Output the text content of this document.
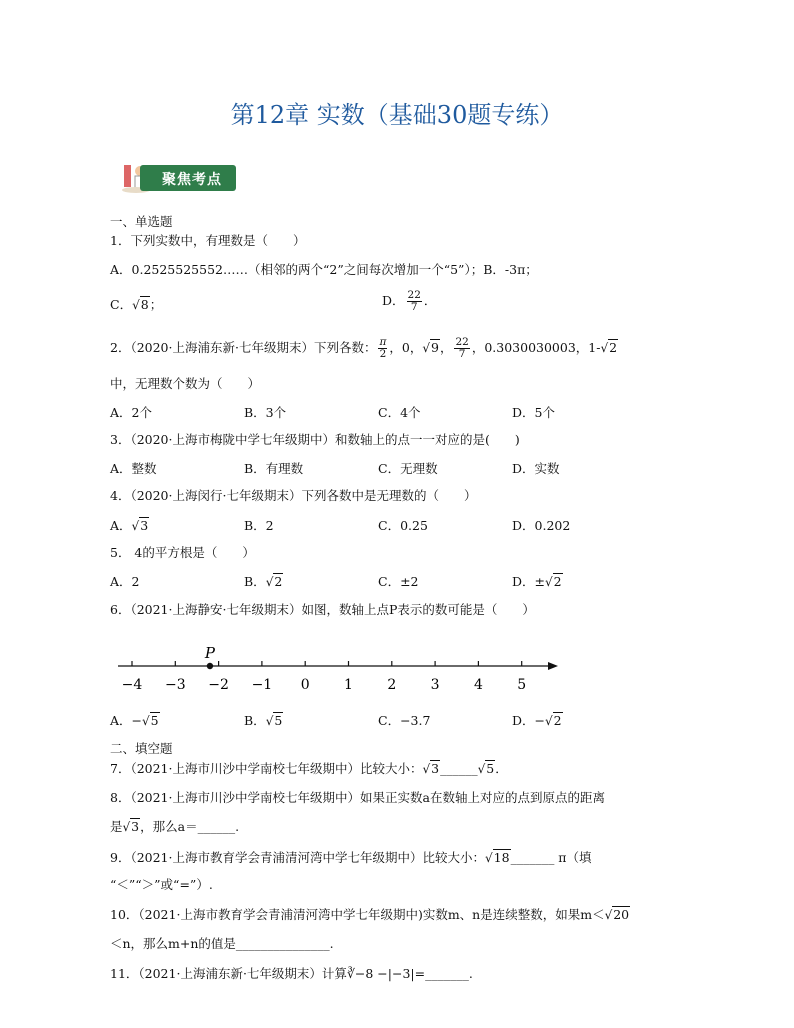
第12章 实数（基础30题专练）
聚焦考点
一、单选题
1．下列实数中，有理数是（　　）
A．0.2525525552……（相邻的两个“2”之间每次增加一个“5”）；B．-3π；
C．√8；	D． $\frac{22}{7}$ ．
2．（2020·上海浦东新·七年级期末）下列各数： $\frac{\pi}{2}$ ，0，√9， $\frac{22}{7}$ ，0.3030030003，1-√2
中，无理数个数为（　　）
A．2个	B．3个	C．4个	D．5个
3．（2020·上海市梅陇中学七年级期中）和数轴上的点一一对应的是(　　)
A．整数	B．有理数	C．无理数	D．实数
4．（2020·上海闵行·七年级期末）下列各数中是无理数的（　　）
A．√3	B．2	C．0.25	D．0.202
5． 4的平方根是（　　）
A．2	B．√2	C．±2	D．±√2
6．（2021·上海静安·七年级期末）如图，数轴上点P表示的数可能是（　　）
−4 −3 −2 −1 0 1 2 3 4 5
P
A．−√5	B．√5	C．−3.7	D．−√2
二、填空题
7．（2021·上海市川沙中学南校七年级期中）比较大小：√3______√5．
8．（2021·上海市川沙中学南校七年级期中）如果正实数a在数轴上对应的点到原点的距离
是√3，那么a＝______.
9．（2021·上海市教育学会青浦清河湾中学七年级期中）比较大小：√18_______ π（填
“＜”“＞”或“=”）.
10．（2021·上海市教育学会青浦清河湾中学七年级期中)实数m、n是连续整数，如果m＜√20
＜n，那么m+n的值是_______________.
11．（2021·上海浦东新·七年级期末）计算∛−8 −|−3|=_______.
